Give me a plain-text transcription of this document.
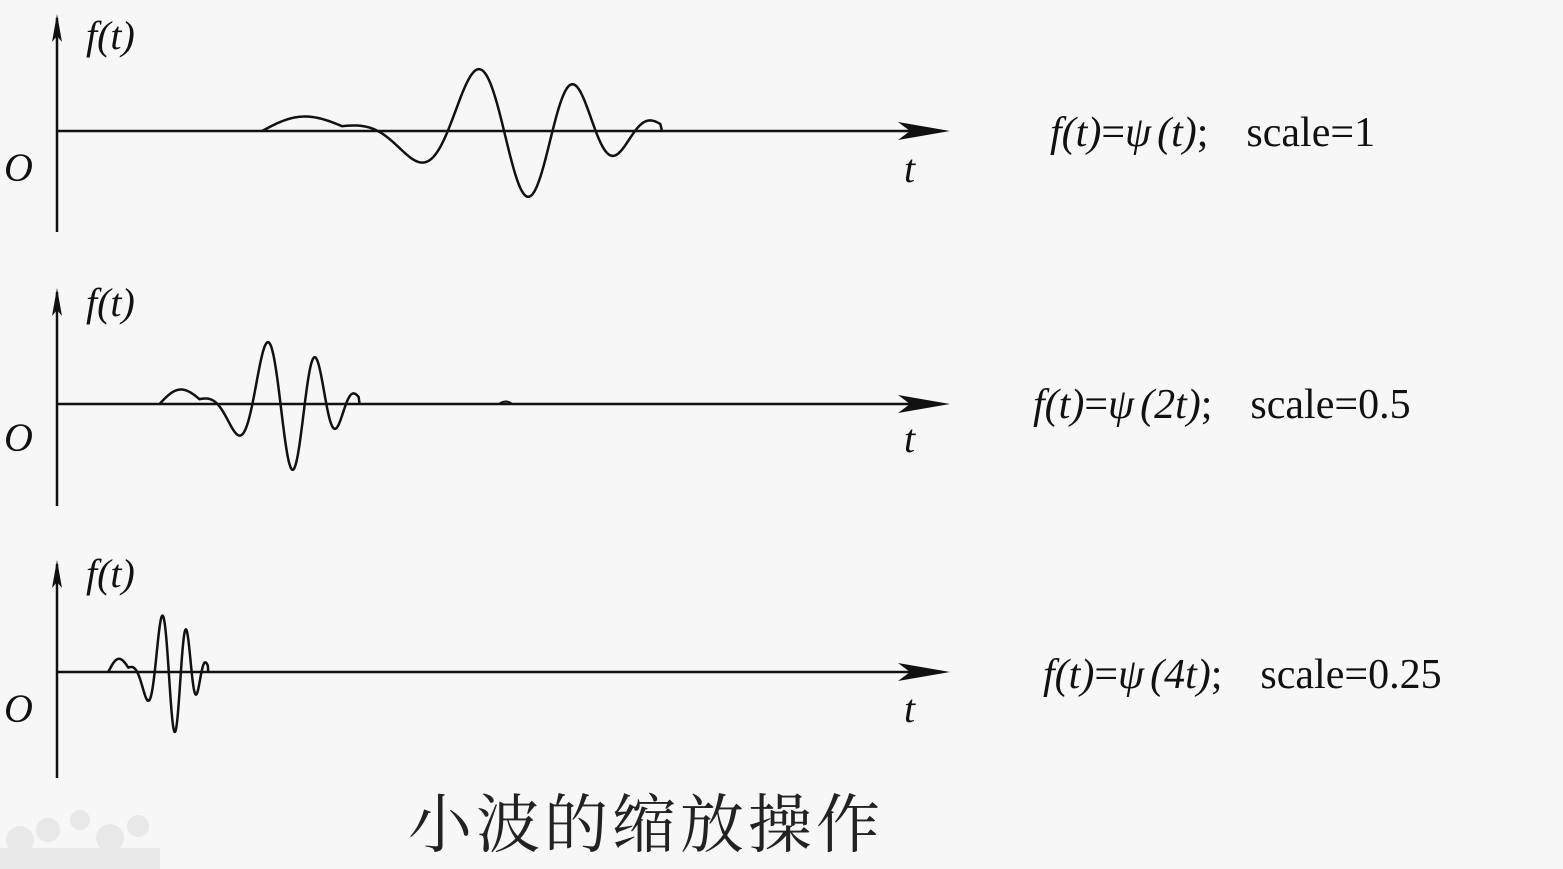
f(t)
t
O
f(t)=ψ (t); scale=1
f(t)
t
O
f(t)=ψ (2t); scale=0.5
f(t)
t
O
f(t)=ψ (4t); scale=0.25
小波的缩放操作
